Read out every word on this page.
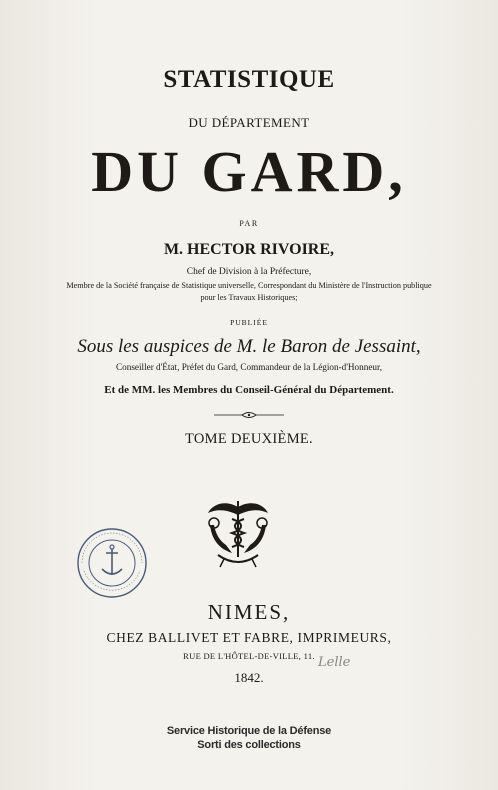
STATISTIQUE
DU DÉPARTEMENT
DU GARD,
PAR
M. HECTOR RIVOIRE,
Chef de Division à la Préfecture,
Membre de la Société française de Statistique universelle, Correspondant du Ministère de l'Instruction publique
pour les Travaux Historiques;
PUBLIÉE
Sous les auspices de M. le Baron de Jessaint,
Conseiller d'État, Préfet du Gard, Commandeur de la Légion-d'Honneur,
Et de MM. les Membres du Conseil-Général du Département.
TOME DEUXIÈME.
NIMES,
CHEZ BALLIVET ET FABRE, IMPRIMEURS,
RUE DE L'HÔTEL-DE-VILLE, 11. Lelle
1842.
Service Historique de la Défense
Sorti des collections
